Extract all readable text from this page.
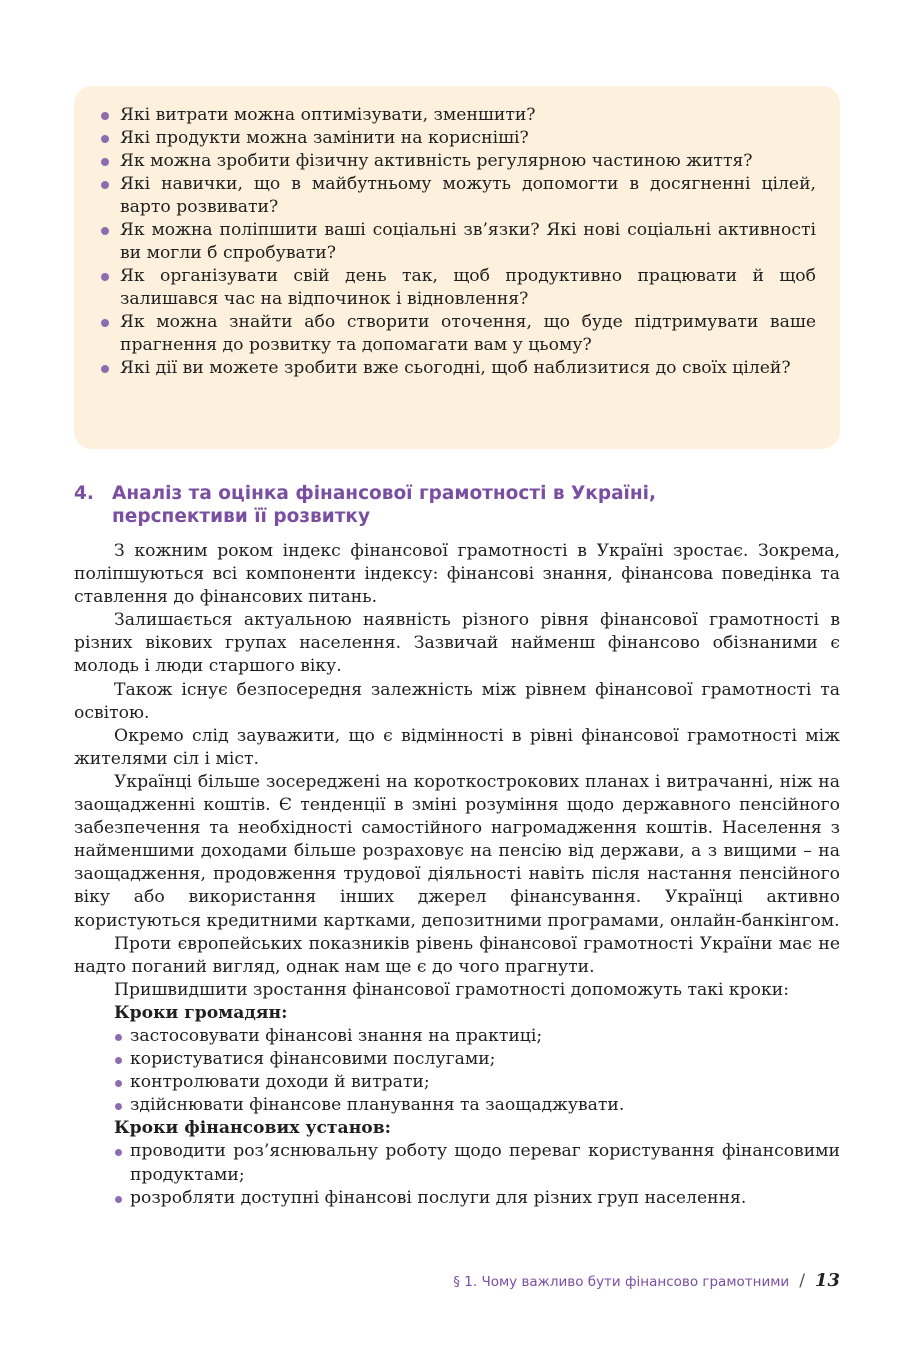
Які витрати можна оптимізувати, зменшити?
Які продукти можна замінити на корисніші?
Як можна зробити фізичну активність регулярною частиною життя?
Які навички, що в майбутньому можуть допомогти в досягненні цілей, варто розвивати?
Як можна поліпшити ваші соціальні зв’язки? Які нові соціальні активності ви могли б спробувати?
Як організувати свій день так, щоб продуктивно працювати й щоб залишався час на відпочинок і відновлення?
Як можна знайти або створити оточення, що буде підтримувати ваше прагнення до розвитку та допомагати вам у цьому?
Які дії ви можете зробити вже сьогодні, щоб наблизитися до своїх цілей?
4. Аналіз та оцінка фінансової грамотності в Україні,
перспективи її розвитку

З кожним роком індекс фінансової грамотності в Україні зростає. Зокрема, поліпшуються всі компоненти індексу: фінансові знання, фінансова поведінка та ставлення до фінансових питань.

Залишається актуальною наявність різного рівня фінансової грамотності в різних вікових групах населення. Зазвичай найменш фінансово обізнаними є молодь і люди старшого віку.

Також існує безпосередня залежність між рівнем фінансової грамотності та освітою.

Окремо слід зауважити, що є відмінності в рівні фінансової грамотності між жителями сіл і міст.

Українці більше зосереджені на короткострокових планах і витрачанні, ніж на заощадженні коштів. Є тенденції в зміні розуміння щодо державного пенсійного забезпечення та необхідності самостійного нагромадження коштів. Населення з найменшими доходами більше розраховує на пенсію від держави, а з вищими – на заощадження, продовження трудової діяльності навіть після настання пенсійного віку або використання інших джерел фінансування. Українці активно користуються кредитними картками, депозитними програмами, онлайн-банкінгом.

Проти європейських показників рівень фінансової грамотності України має не надто поганий вигляд, однак нам ще є до чого прагнути.

Пришвидшити зростання фінансової грамотності допоможуть такі кроки:

Кроки громадян:
застосовувати фінансові знання на практиці;
користуватися фінансовими послугами;
контролювати доходи й витрати;
здійснювати фінансове планування та заощаджувати.
Кроки фінансових установ:
проводити роз’яснювальну роботу щодо переваг користування фінансовими продуктами;
розробляти доступні фінансові послуги для різних груп населення.
§ 1. Чому важливо бути фінансово грамотними / 13
